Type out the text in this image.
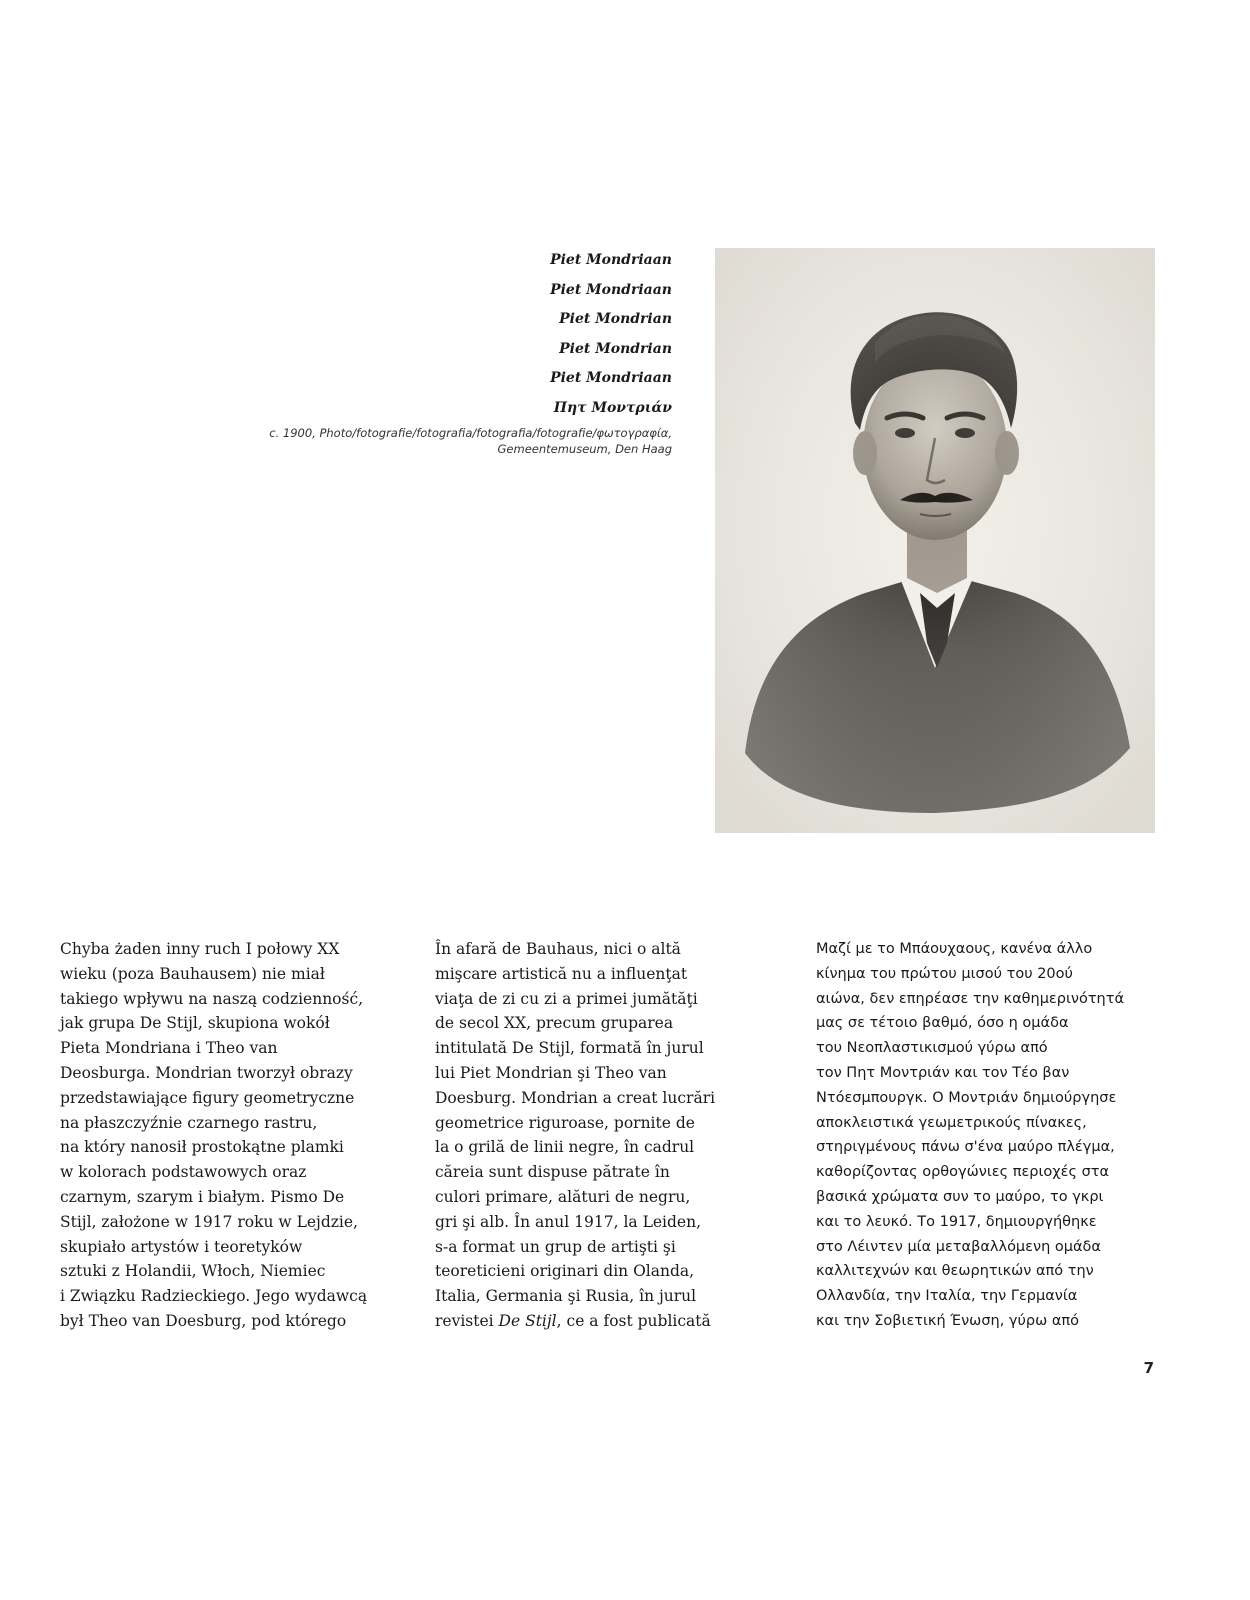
Piet Mondriaan
Piet Mondriaan
Piet Mondrian
Piet Mondrian
Piet Mondriaan
Πητ Μοντριάν
c. 1900, Photo/fotografie/fotografia/fotografia/fotografie/φωτογραφία,
Gemeentemuseum, Den Haag

Chyba żaden inny ruch I połowy XX
wieku (poza Bauhausem) nie miał
takiego wpływu na naszą codzienność,
jak grupa De Stijl, skupiona wokół
Pieta Mondriana i Theo van
Deosburga. Mondrian tworzył obrazy
przedstawiające figury geometryczne
na płaszczyźnie czarnego rastru,
na który nanosił prostokątne plamki
w kolorach podstawowych oraz
czarnym, szarym i białym. Pismo De
Stijl, założone w 1917 roku w Lejdzie,
skupiało artystów i teoretyków
sztuki z Holandii, Włoch, Niemiec
i Związku Radzieckiego. Jego wydawcą
był Theo van Doesburg, pod którego

În afară de Bauhaus, nici o altă
mişcare artistică nu a influenţat
viaţa de zi cu zi a primei jumătăţi
de secol XX, precum gruparea
intitulată De Stijl, formată în jurul
lui Piet Mondrian şi Theo van
Doesburg. Mondrian a creat lucrări
geometrice riguroase, pornite de
la o grilă de linii negre, în cadrul
căreia sunt dispuse pătrate în
culori primare, alături de negru,
gri şi alb. În anul 1917, la Leiden,
s-a format un grup de artişti şi
teoreticieni originari din Olanda,
Italia, Germania şi Rusia, în jurul
revistei De Stijl, ce a fost publicată

Μαζί με το Μπάουχαους, κανένα άλλο
κίνημα του πρώτου μισού του 20ού
αιώνα, δεν επηρέασε την καθημερινότητά
μας σε τέτοιο βαθμό, όσο η ομάδα
του Νεοπλαστικισμού γύρω από
τον Πητ Μοντριάν και τον Τέο βαν
Ντόεσμπουργκ. Ο Μοντριάν δημιούργησε
αποκλειστικά γεωμετρικούς πίνακες,
στηριγμένους πάνω σ'ένα μαύρο πλέγμα,
καθορίζοντας ορθογώνιες περιοχές στα
βασικά χρώματα συν το μαύρο, το γκρι
και το λευκό. Το 1917, δημιουργήθηκε
στο Λέιντεν μία μεταβαλλόμενη ομάδα
καλλιτεχνών και θεωρητικών από την
Ολλανδία, την Ιταλία, την Γερμανία
και την Σοβιετική Ένωση, γύρω από

7
